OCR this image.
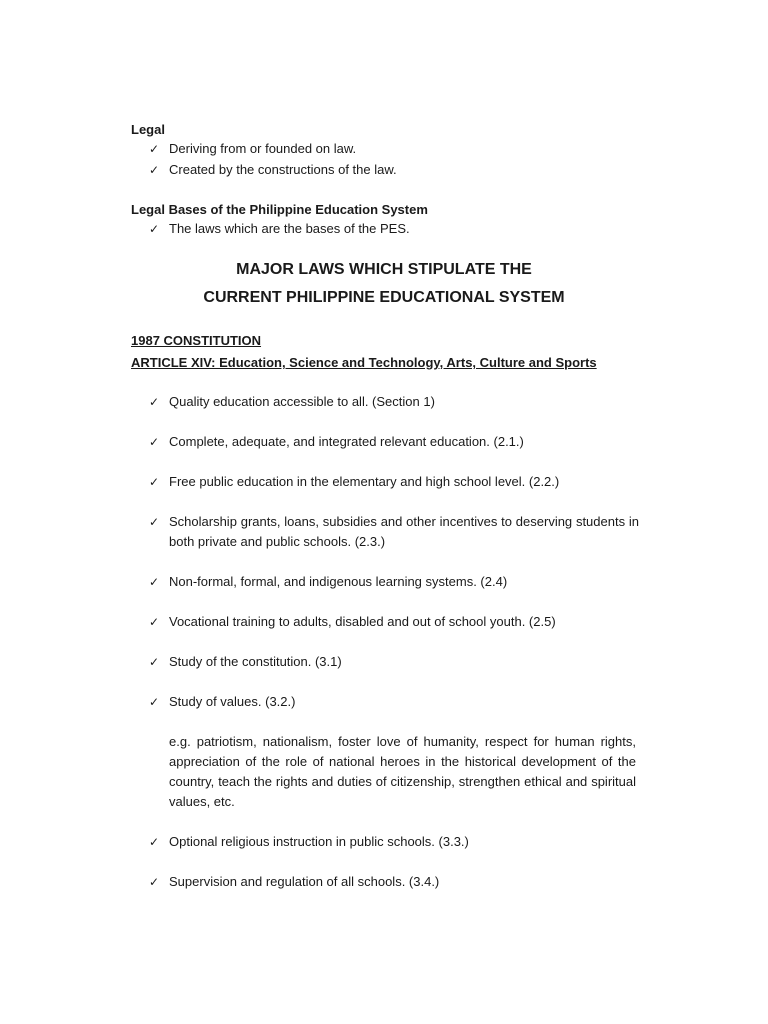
Legal
✓ Deriving from or founded on law.
✓ Created by the constructions of the law.
Legal Bases of the Philippine Education System
✓ The laws which are the bases of the PES.
MAJOR LAWS WHICH STIPULATE THE
CURRENT PHILIPPINE EDUCATIONAL SYSTEM
1987 CONSTITUTION
ARTICLE XIV: Education, Science and Technology, Arts, Culture and Sports
✓ Quality education accessible to all. (Section 1)
✓ Complete, adequate, and integrated relevant education. (2.1.)
✓ Free public education in the elementary and high school level. (2.2.)
✓ Scholarship grants, loans, subsidies and other incentives to deserving students in both private and public schools. (2.3.)
✓ Non-formal, formal, and indigenous learning systems. (2.4)
✓ Vocational training to adults, disabled and out of school youth. (2.5)
✓ Study of the constitution. (3.1)
✓ Study of values. (3.2.)
e.g. patriotism, nationalism, foster love of humanity, respect for human rights, appreciation of the role of national heroes in the historical development of the country, teach the rights and duties of citizenship, strengthen ethical and spiritual values, etc.
✓ Optional religious instruction in public schools. (3.3.)
✓ Supervision and regulation of all schools. (3.4.)
